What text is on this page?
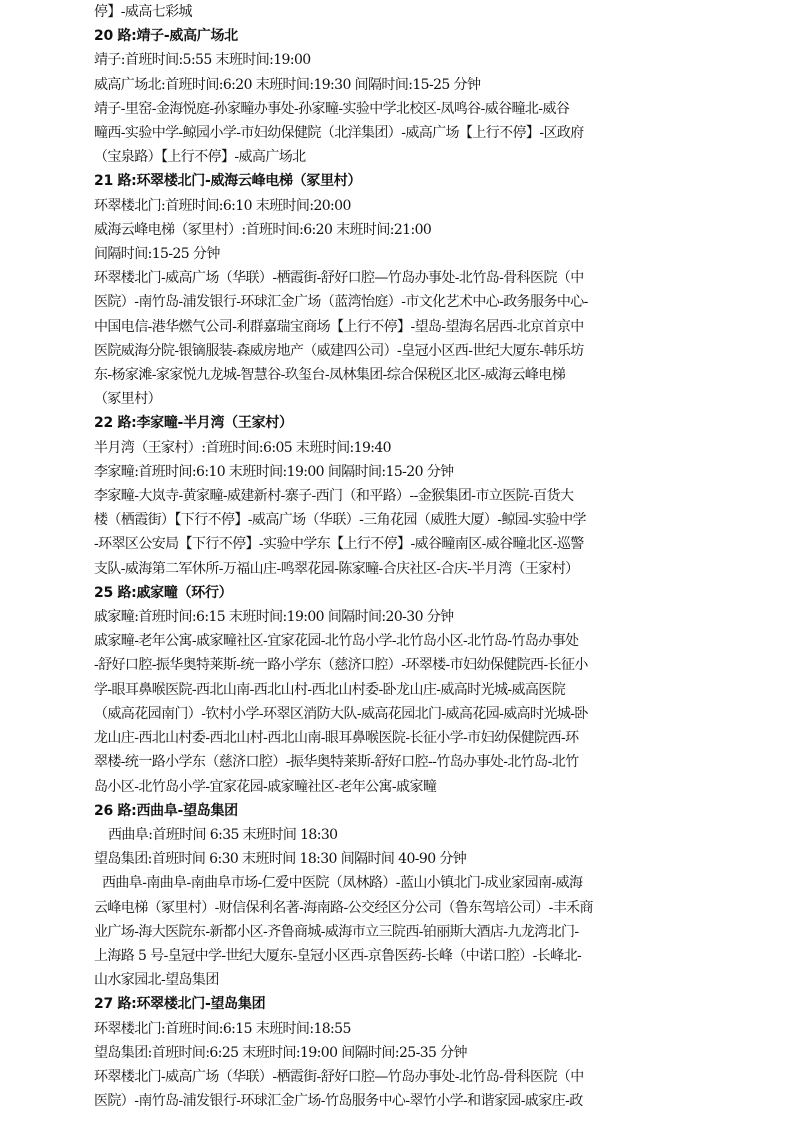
停】-威高七彩城
20 路:靖子-威高广场北
靖子:首班时间:5:55 末班时间:19:00
威高广场北:首班时间:6:20 末班时间:19:30 间隔时间:15-25 分钟
靖子-里窑-金海悦庭-孙家疃办事处-孙家疃-实验中学北校区-凤鸣谷-威谷疃北-威谷
疃西-实验中学-鲸园小学-市妇幼保健院（北洋集团）-威高广场【上行不停】-区政府
（宝泉路）【上行不停】-威高广场北
21 路:环翠楼北门-威海云峰电梯（冢里村）
环翠楼北门:首班时间:6:10 末班时间:20:00
威海云峰电梯（冢里村）:首班时间:6:20 末班时间:21:00
间隔时间:15-25 分钟
环翠楼北门-威高广场（华联）-栖霞街-舒好口腔—竹岛办事处-北竹岛-骨科医院（中
医院）-南竹岛-浦发银行-环球汇金广场（蓝湾怡庭）-市文化艺术中心-政务服务中心-
中国电信-港华燃气公司-利群嘉瑞宝商场【上行不停】-望岛-望海名居西-北京首京中
医院威海分院-银镝服装-森威房地产（威建四公司）-皇冠小区西-世纪大厦东-韩乐坊
东-杨家滩-家家悦九龙城-智慧谷-玖玺台-凤林集团-综合保税区北区-威海云峰电梯
（冢里村）
22 路:李家疃-半月湾（王家村）
半月湾（王家村）:首班时间:6:05 末班时间:19:40
李家疃:首班时间:6:10 末班时间:19:00 间隔时间:15-20 分钟
李家疃-大岚寺-黄家疃-威建新村-寨子-西门（和平路）--金猴集团-市立医院-百货大
楼（栖霞街）【下行不停】-威高广场（华联）-三角花园（威胜大厦）-鲸园-实验中学
-环翠区公安局【下行不停】-实验中学东【上行不停】-威谷疃南区-威谷疃北区-巡警
支队-威海第二军休所-万福山庄-鸣翠花园-陈家疃-合庆社区-合庆-半月湾（王家村）
25 路:戚家疃（环行）
戚家疃:首班时间:6:15 末班时间:19:00 间隔时间:20-30 分钟
戚家疃-老年公寓-戚家疃社区-宜家花园-北竹岛小学-北竹岛小区-北竹岛-竹岛办事处
-舒好口腔-振华奥特莱斯-统一路小学东（慈济口腔）-环翠楼-市妇幼保健院西-长征小
学-眼耳鼻喉医院-西北山南-西北山村-西北山村委-卧龙山庄-威高时光城-威高医院
（威高花园南门）-钦村小学-环翠区消防大队-威高花园北门-威高花园-威高时光城-卧
龙山庄-西北山村委-西北山村-西北山南-眼耳鼻喉医院-长征小学-市妇幼保健院西-环
翠楼-统一路小学东（慈济口腔）-振华奥特莱斯-舒好口腔--竹岛办事处-北竹岛-北竹
岛小区-北竹岛小学-宜家花园-戚家疃社区-老年公寓-戚家疃
26 路:西曲阜-望岛集团
西曲阜:首班时间 6:35 末班时间 18:30
望岛集团:首班时间 6:30 末班时间 18:30 间隔时间 40-90 分钟
西曲阜-南曲阜-南曲阜市场-仁爱中医院（凤林路）-蓝山小镇北门-成业家园南-威海
云峰电梯（冢里村）-财信保利名著-海南路-公交经区分公司（鲁东驾培公司）-丰禾商
业广场-海大医院东-新都小区-齐鲁商城-威海市立三院西-铂丽斯大酒店-九龙湾北门-
上海路 5 号-皇冠中学-世纪大厦东-皇冠小区西-京鲁医药-长峰（中诺口腔）-长峰北-
山水家园北-望岛集团
27 路:环翠楼北门-望岛集团
环翠楼北门:首班时间:6:15 末班时间:18:55
望岛集团:首班时间:6:25 末班时间:19:00 间隔时间:25-35 分钟
环翠楼北门-威高广场（华联）-栖霞街-舒好口腔—竹岛办事处-北竹岛-骨科医院（中
医院）-南竹岛-浦发银行-环球汇金广场-竹岛服务中心-翠竹小学-和谐家园-戚家庄-政
